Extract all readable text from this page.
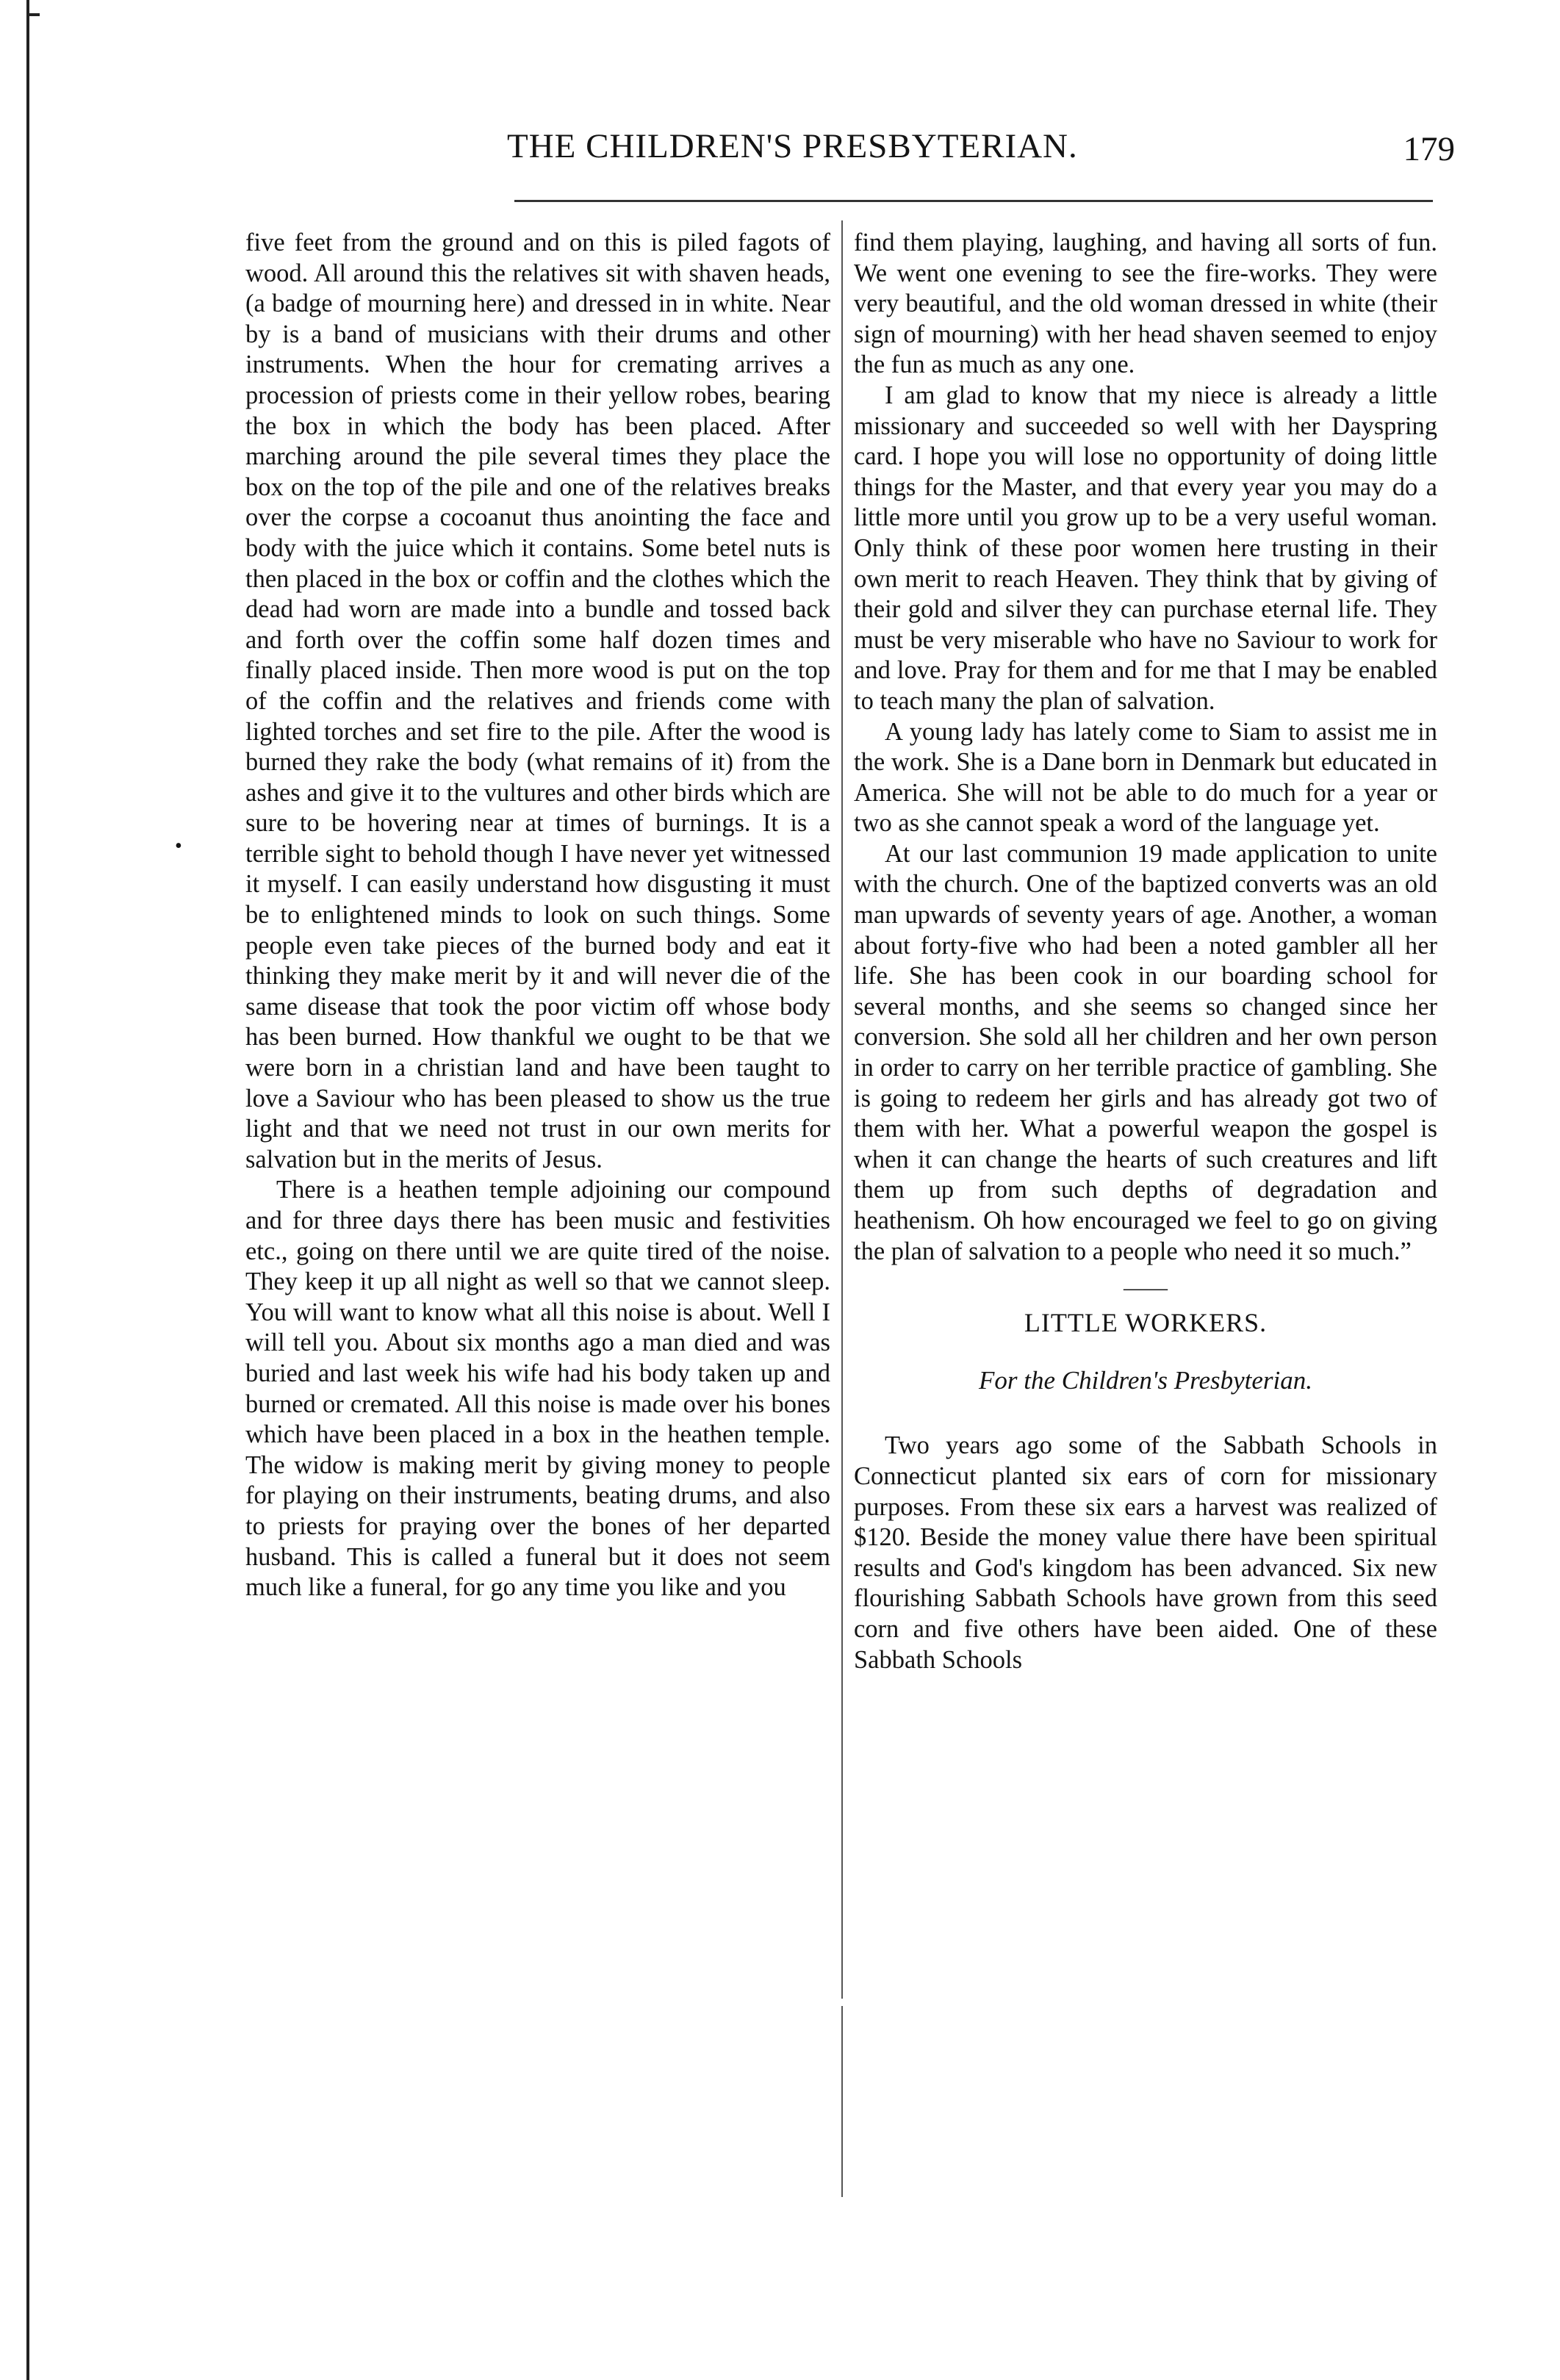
THE CHILDREN'S PRESBYTERIAN.	179
•

five feet from the ground and on this is piled fagots of wood. All around this the relatives sit with shaven heads, (a badge of mourning here) and dressed in in white. Near by is a band of musicians with their drums and other instruments. When the hour for cremating arrives a procession of priests come in their yellow robes, bearing the box in which the body has been placed. After marching around the pile several times they place the box on the top of the pile and one of the relatives breaks over the corpse a cocoanut thus anointing the face and body with the juice which it contains. Some betel nuts is then placed in the box or coffin and the clothes which the dead had worn are made into a bundle and tossed back and forth over the coffin some half dozen times and finally placed inside. Then more wood is put on the top of the coffin and the relatives and friends come with lighted torches and set fire to the pile. After the wood is burned they rake the body (what remains of it) from the ashes and give it to the vultures and other birds which are sure to be hovering near at times of burnings. It is a terrible sight to behold though I have never yet witnessed it myself. I can easily understand how disgusting it must be to enlightened minds to look on such things. Some people even take pieces of the burned body and eat it thinking they make merit by it and will never die of the same disease that took the poor victim off whose body has been burned. How thankful we ought to be that we were born in a christian land and have been taught to love a Saviour who has been pleased to show us the true light and that we need not trust in our own merits for salvation but in the merits of Jesus.

There is a heathen temple adjoining our compound and for three days there has been music and festivities etc., going on there until we are quite tired of the noise. They keep it up all night as well so that we cannot sleep. You will want to know what all this noise is about. Well I will tell you. About six months ago a man died and was buried and last week his wife had his body taken up and burned or cremated. All this noise is made over his bones which have been placed in a box in the heathen temple. The widow is making merit by giving money to people for playing on their instruments, beating drums, and also to priests for praying over the bones of her departed husband. This is called a funeral but it does not seem much like a funeral, for go any time you like and you

find them playing, laughing, and having all sorts of fun. We went one evening to see the fire-works. They were very beautiful, and the old woman dressed in white (their sign of mourning) with her head shaven seemed to enjoy the fun as much as any one.

I am glad to know that my niece is already a little missionary and succeeded so well with her Dayspring card. I hope you will lose no opportunity of doing little things for the Master, and that every year you may do a little more until you grow up to be a very useful woman. Only think of these poor women here trusting in their own merit to reach Heaven. They think that by giving of their gold and silver they can purchase eternal life. They must be very miserable who have no Saviour to work for and love. Pray for them and for me that I may be enabled to teach many the plan of salvation.

A young lady has lately come to Siam to assist me in the work. She is a Dane born in Denmark but educated in America. She will not be able to do much for a year or two as she cannot speak a word of the language yet.

At our last communion 19 made application to unite with the church. One of the baptized converts was an old man upwards of seventy years of age. Another, a woman about forty-five who had been a noted gambler all her life. She has been cook in our boarding school for several months, and she seems so changed since her conversion. She sold all her children and her own person in order to carry on her terrible practice of gambling. She is going to redeem her girls and has already got two of them with her. What a powerful weapon the gospel is when it can change the hearts of such creatures and lift them up from such depths of degradation and heathenism. Oh how encouraged we feel to go on giving the plan of salvation to a people who need it so much.”

——
LITTLE WORKERS.
For the Children's Presbyterian.

Two years ago some of the Sabbath Schools in Connecticut planted six ears of corn for missionary purposes. From these six ears a harvest was realized of $120. Beside the money value there have been spiritual results and God's kingdom has been advanced. Six new flourishing Sabbath Schools have grown from this seed corn and five others have been aided. One of these Sabbath Schools
